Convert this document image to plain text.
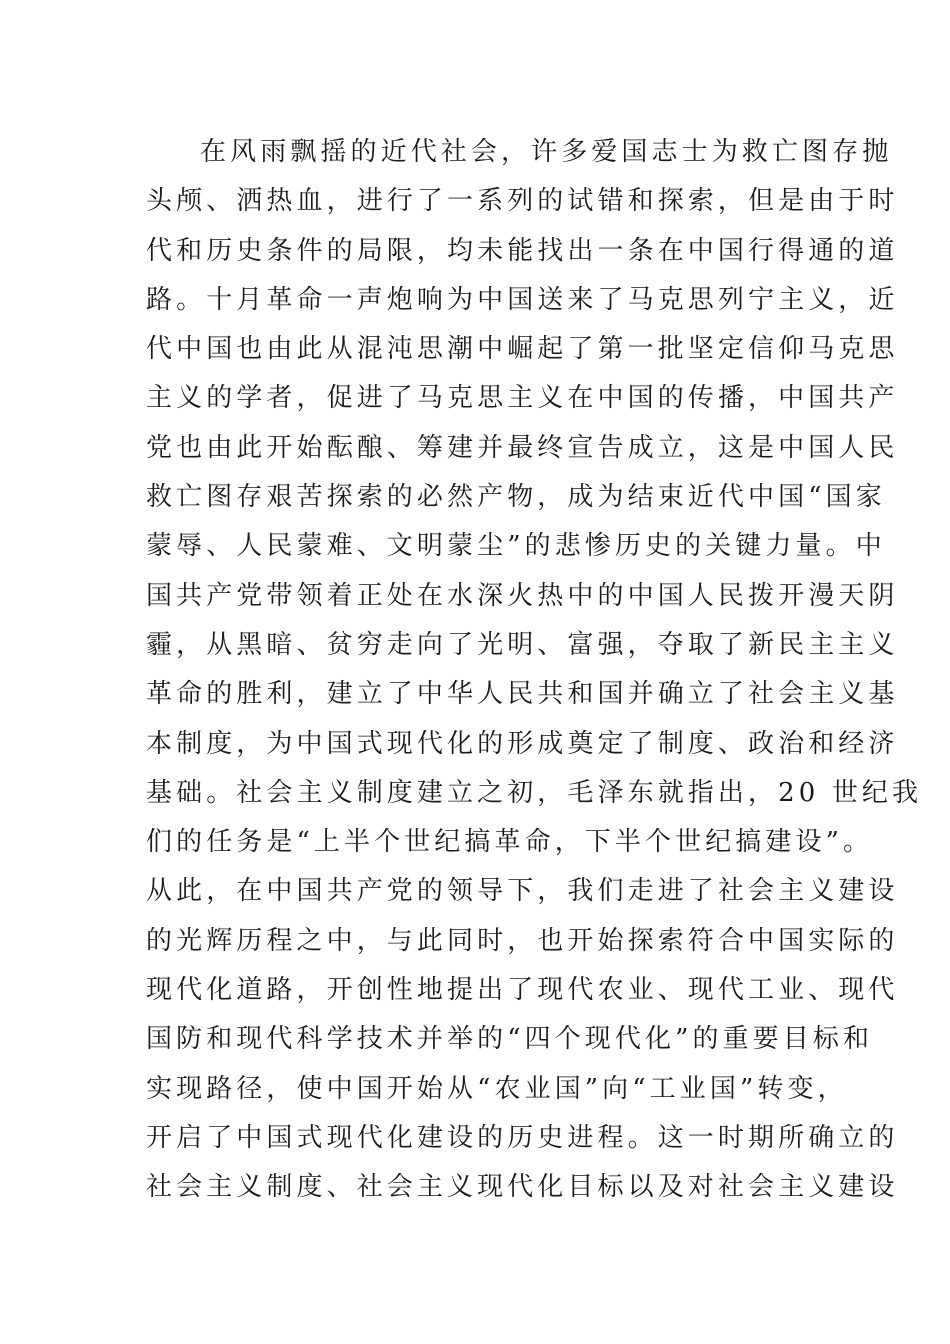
在风雨飘摇的近代社会，许多爱国志士为救亡图存抛
头颅、洒热血，进行了一系列的试错和探索，但是由于时
代和历史条件的局限，均未能找出一条在中国行得通的道
路。十月革命一声炮响为中国送来了马克思列宁主义，近
代中国也由此从混沌思潮中崛起了第一批坚定信仰马克思
主义的学者，促进了马克思主义在中国的传播，中国共产
党也由此开始酝酿、筹建并最终宣告成立，这是中国人民
救亡图存艰苦探索的必然产物，成为结束近代中国“国家
蒙辱、人民蒙难、文明蒙尘”的悲惨历史的关键力量。中
国共产党带领着正处在水深火热中的中国人民拨开漫天阴
霾，从黑暗、贫穷走向了光明、富强，夺取了新民主主义
革命的胜利，建立了中华人民共和国并确立了社会主义基
本制度，为中国式现代化的形成奠定了制度、政治和经济
基础。社会主义制度建立之初，毛泽东就指出，20 世纪我
们的任务是“上半个世纪搞革命，下半个世纪搞建设”。
从此，在中国共产党的领导下，我们走进了社会主义建设
的光辉历程之中，与此同时，也开始探索符合中国实际的
现代化道路，开创性地提出了现代农业、现代工业、现代
国防和现代科学技术并举的“四个现代化”的重要目标和
实现路径，使中国开始从“农业国”向“工业国”转变，
开启了中国式现代化建设的历史进程。这一时期所确立的
社会主义制度、社会主义现代化目标以及对社会主义建设
